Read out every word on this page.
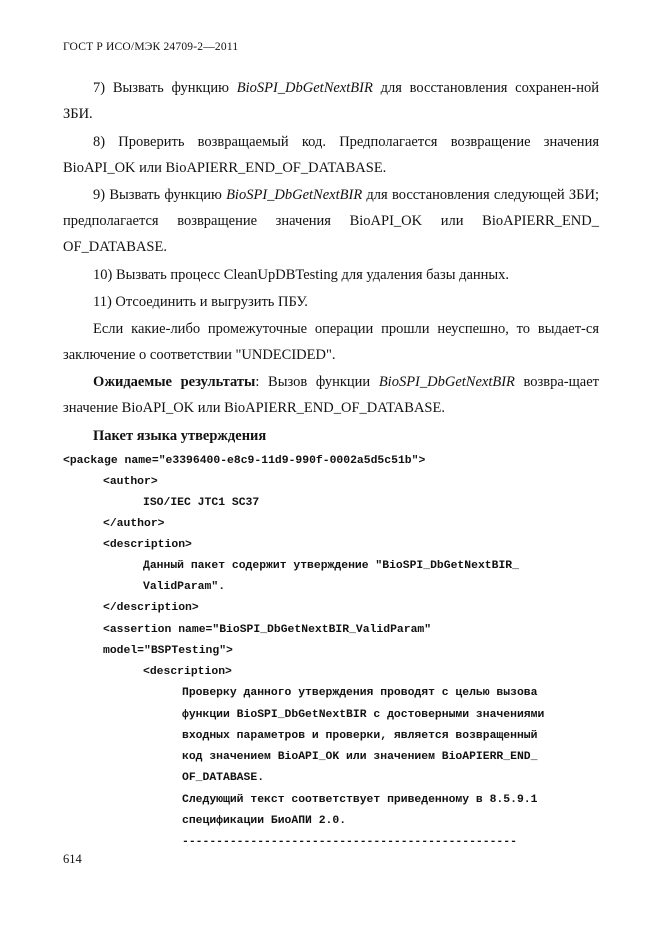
ГОСТ Р ИСО/МЭК 24709-2—2011

7) Вызвать функцию BioSPI_DbGetNextBIR для восстановления сохранен-ной ЗБИ.

8) Проверить возвращаемый код. Предполагается возвращение значения BioAPI_OK или BioAPIERR_END_OF_DATABASE.

9) Вызвать функцию BioSPI_DbGetNextBIR для восстановления следующей ЗБИ; предполагается возвращение значения BioAPI_OK или BioAPIERR_END_ OF_DATABASE.

10) Вызвать процесс CleanUpDBTesting для удаления базы данных.

11) Отсоединить и выгрузить ПБУ.

Если какие-либо промежуточные операции прошли неуспешно, то выдает-ся заключение о соответствии "UNDECIDED".

Ожидаемые результаты: Вызов функции BioSPI_DbGetNextBIR возвра-щает значение BioAPI_OK или BioAPIERR_END_OF_DATABASE.

Пакет языка утверждения

<package name="e3396400-e8c9-11d9-990f-0002a5d5c51b">
<author>
ISO/IEC JTC1 SC37
</author>
<description>
Данный пакет содержит утверждение "BioSPI_DbGetNextBIR_
ValidParam".
</description>
<assertion name="BioSPI_DbGetNextBIR_ValidParam"
model="BSPTesting">
<description>
Проверку данного утверждения проводят с целью вызова
функции BioSPI_DbGetNextBIR с достоверными значениями
входных параметров и проверки, является возвращенный
код значением BioAPI_OK или значением BioAPIERR_END_
OF_DATABASE.
Следующий текст соответствует приведенному в 8.5.9.1
спецификации БиоАПИ 2.0.
-------------------------------------------------
614
